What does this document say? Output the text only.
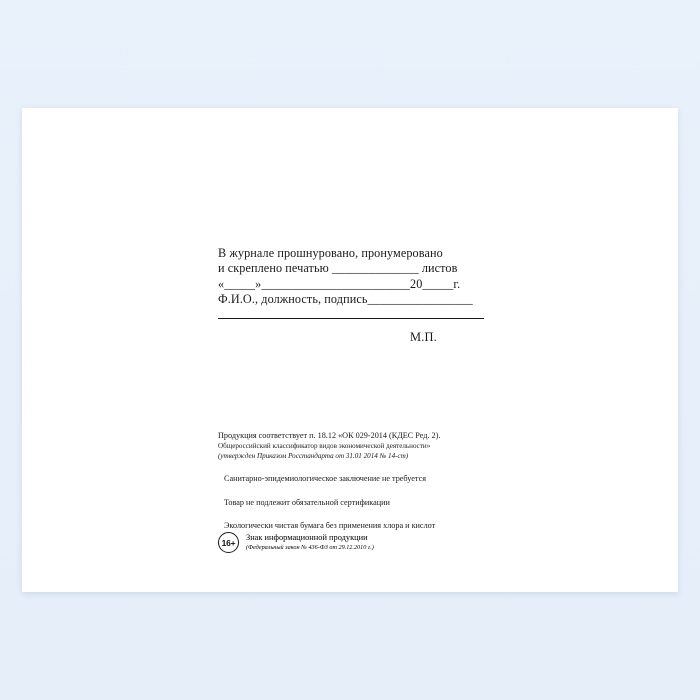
В журнале прошнуровано, пронумеровано
и скреплено печатью ______________ листов
«_____»________________________20_____г.
Ф.И.О., должность, подпись_________________
М.П.
Продукция соответствует п. 18.12 «ОК 029-2014 (КДЕС Ред. 2).
Общероссийский классификатор видов экономической деятельности»
(утвержден Приказом Росстандарта от 31.01 2014 № 14-ст)
Санитарно-эпидемиологическое заключение не требуется
Товар не подлежит обязательной сертификации
Экологически чистая бумага без применения хлора и кислот
16+	Знак информационной продукции
(Федеральный закон № 436-ФЗ от 29.12.2010 г.)
